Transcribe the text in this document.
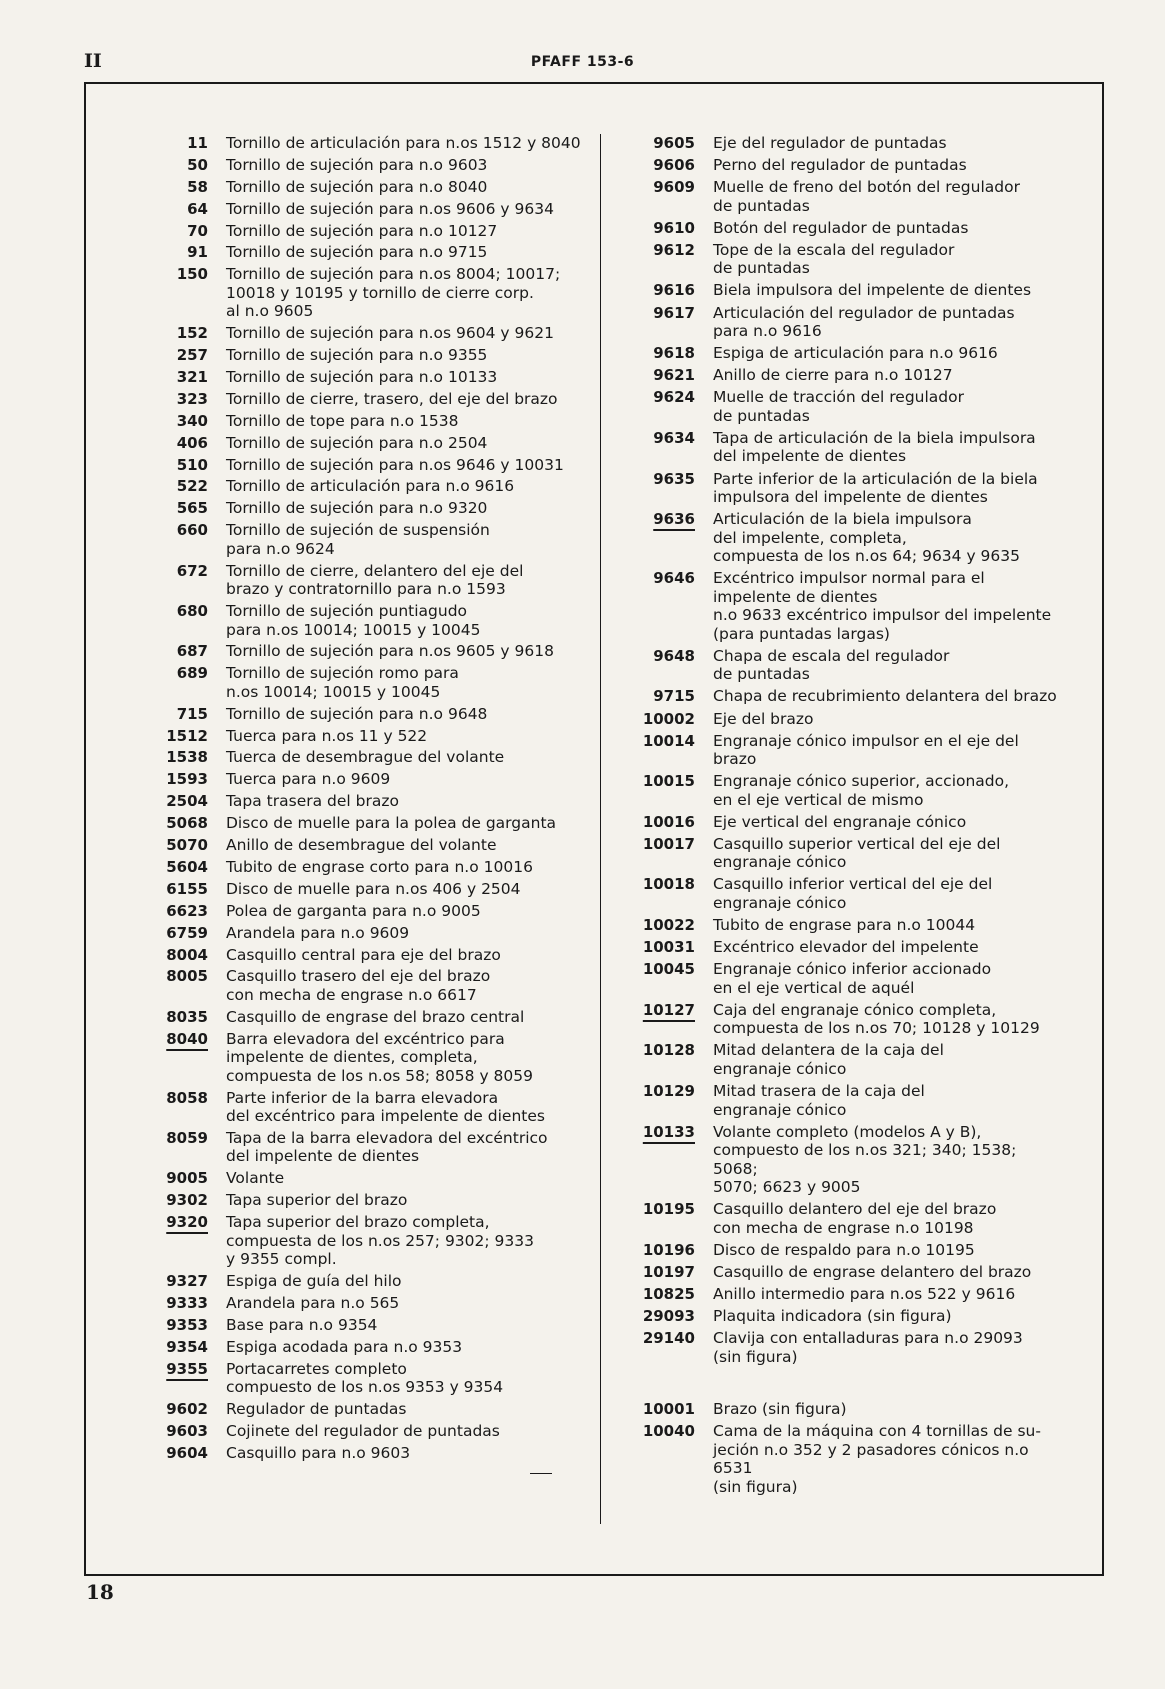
II	PFAFF 153-6
11	Tornillo de articulación para n.os 1512 y 8040
50	Tornillo de sujeción para n.o 9603
58	Tornillo de sujeción para n.o 8040
64	Tornillo de sujeción para n.os 9606 y 9634
70	Tornillo de sujeción para n.o 10127
91	Tornillo de sujeción para n.o 9715
150	Tornillo de sujeción para n.os 8004; 10017;
10018 y 10195 y tornillo de cierre corp.
al n.o 9605
152	Tornillo de sujeción para n.os 9604 y 9621
257	Tornillo de sujeción para n.o 9355
321	Tornillo de sujeción para n.o 10133
323	Tornillo de cierre, trasero, del eje del brazo
340	Tornillo de tope para n.o 1538
406	Tornillo de sujeción para n.o 2504
510	Tornillo de sujeción para n.os 9646 y 10031
522	Tornillo de articulación para n.o 9616
565	Tornillo de sujeción para n.o 9320
660	Tornillo de sujeción de suspensión
para n.o 9624
672	Tornillo de cierre, delantero del eje del
brazo y contratornillo para n.o 1593
680	Tornillo de sujeción puntiagudo
para n.os 10014; 10015 y 10045
687	Tornillo de sujeción para n.os 9605 y 9618
689	Tornillo de sujeción romo para
n.os 10014; 10015 y 10045
715	Tornillo de sujeción para n.o 9648
1512	Tuerca para n.os 11 y 522
1538	Tuerca de desembrague del volante
1593	Tuerca para n.o 9609
2504	Tapa trasera del brazo
5068	Disco de muelle para la polea de garganta
5070	Anillo de desembrague del volante
5604	Tubito de engrase corto para n.o 10016
6155	Disco de muelle para n.os 406 y 2504
6623	Polea de garganta para n.o 9005
6759	Arandela para n.o 9609
8004	Casquillo central para eje del brazo
8005	Casquillo trasero del eje del brazo
con mecha de engrase n.o 6617
8035	Casquillo de engrase del brazo central
8040	Barra elevadora del excéntrico para
impelente de dientes, completa,
compuesta de los n.os 58; 8058 y 8059
8058	Parte inferior de la barra elevadora
del excéntrico para impelente de dientes
8059	Tapa de la barra elevadora del excéntrico
del impelente de dientes
9005	Volante
9302	Tapa superior del brazo
9320	Tapa superior del brazo completa,
compuesta de los n.os 257; 9302; 9333
y 9355 compl.
9327	Espiga de guía del hilo
9333	Arandela para n.o 565
9353	Base para n.o 9354
9354	Espiga acodada para n.o 9353
9355	Portacarretes completo
compuesto de los n.os 9353 y 9354
9602	Regulador de puntadas
9603	Cojinete del regulador de puntadas
9604	Casquillo para n.o 9603
9605	Eje del regulador de puntadas
9606	Perno del regulador de puntadas
9609	Muelle de freno del botón del regulador
de puntadas
9610	Botón del regulador de puntadas
9612	Tope de la escala del regulador
de puntadas
9616	Biela impulsora del impelente de dientes
9617	Articulación del regulador de puntadas
para n.o 9616
9618	Espiga de articulación para n.o 9616
9621	Anillo de cierre para n.o 10127
9624	Muelle de tracción del regulador
de puntadas
9634	Tapa de articulación de la biela impulsora
del impelente de dientes
9635	Parte inferior de la articulación de la biela
impulsora del impelente de dientes
9636	Articulación de la biela impulsora
del impelente, completa,
compuesta de los n.os 64; 9634 y 9635
9646	Excéntrico impulsor normal para el
impelente de dientes
n.o 9633 excéntrico impulsor del impelente
(para puntadas largas)
9648	Chapa de escala del regulador
de puntadas
9715	Chapa de recubrimiento delantera del brazo
10002	Eje del brazo
10014	Engranaje cónico impulsor en el eje del brazo
10015	Engranaje cónico superior, accionado,
en el eje vertical de mismo
10016	Eje vertical del engranaje cónico
10017	Casquillo superior vertical del eje del
engranaje cónico
10018	Casquillo inferior vertical del eje del
engranaje cónico
10022	Tubito de engrase para n.o 10044
10031	Excéntrico elevador del impelente
10045	Engranaje cónico inferior accionado
en el eje vertical de aquél
10127	Caja del engranaje cónico completa,
compuesta de los n.os 70; 10128 y 10129
10128	Mitad delantera de la caja del
engranaje cónico
10129	Mitad trasera de la caja del
engranaje cónico
10133	Volante completo (modelos A y B),
compuesto de los n.os 321; 340; 1538; 5068;
5070; 6623 y 9005
10195	Casquillo delantero del eje del brazo
con mecha de engrase n.o 10198
10196	Disco de respaldo para n.o 10195
10197	Casquillo de engrase delantero del brazo
10825	Anillo intermedio para n.os 522 y 9616
29093	Plaquita indicadora (sin figura)
29140	Clavija con entalladuras para n.o 29093
(sin figura)
10001	Brazo (sin figura)
10040	Cama de la máquina con 4 tornillas de su-
jeción n.o 352 y 2 pasadores cónicos n.o 6531
(sin figura)
18
